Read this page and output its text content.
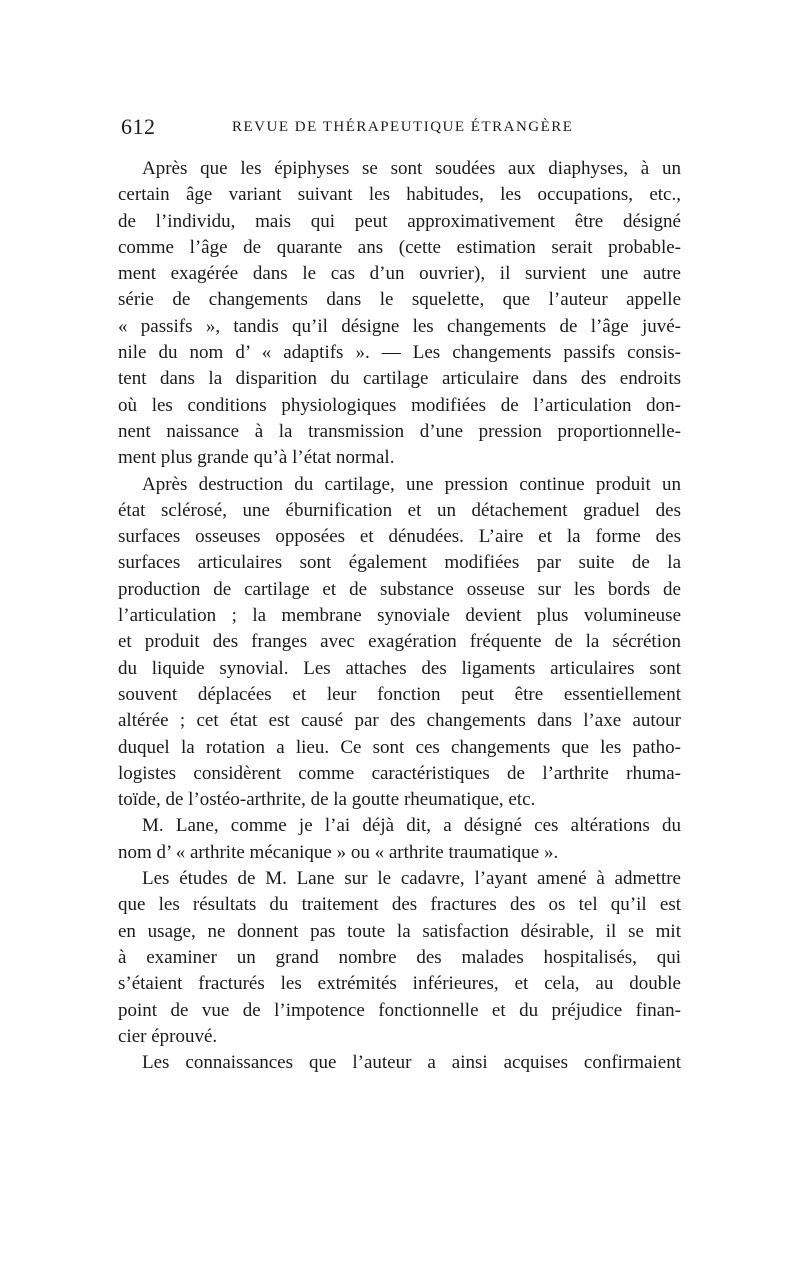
612	REVUE DE THÉRAPEUTIQUE ÉTRANGÈRE
Après que les épiphyses se sont soudées aux diaphyses, à un
certain âge variant suivant les habitudes, les occupations, etc.,
de l’individu, mais qui peut approximativement être désigné
comme l’âge de quarante ans (cette estimation serait probable-
ment exagérée dans le cas d’un ouvrier), il survient une autre
série de changements dans le squelette, que l’auteur appelle
« passifs », tandis qu’il désigne les changements de l’âge juvé-
nile du nom d’ « adaptifs ». — Les changements passifs consis-
tent dans la disparition du cartilage articulaire dans des endroits
où les conditions physiologiques modifiées de l’articulation don-
nent naissance à la transmission d’une pression proportionnelle-
ment plus grande qu’à l’état normal.
Après destruction du cartilage, une pression continue produit un
état sclérosé, une éburnification et un détachement graduel des
surfaces osseuses opposées et dénudées. L’aire et la forme des
surfaces articulaires sont également modifiées par suite de la
production de cartilage et de substance osseuse sur les bords de
l’articulation ; la membrane synoviale devient plus volumineuse
et produit des franges avec exagération fréquente de la sécrétion
du liquide synovial. Les attaches des ligaments articulaires sont
souvent déplacées et leur fonction peut être essentiellement
altérée ; cet état est causé par des changements dans l’axe autour
duquel la rotation a lieu. Ce sont ces changements que les patho-
logistes considèrent comme caractéristiques de l’arthrite rhuma-
toïde, de l’ostéo-arthrite, de la goutte rheumatique, etc.
M. Lane, comme je l’ai déjà dit, a désigné ces altérations du
nom d’ « arthrite mécanique » ou « arthrite traumatique ».
Les études de M. Lane sur le cadavre, l’ayant amené à admettre
que les résultats du traitement des fractures des os tel qu’il est
en usage, ne donnent pas toute la satisfaction désirable, il se mit
à examiner un grand nombre des malades hospitalisés, qui
s’étaient fracturés les extrémités inférieures, et cela, au double
point de vue de l’impotence fonctionnelle et du préjudice finan-
cier éprouvé.
Les connaissances que l’auteur a ainsi acquises confirmaient
